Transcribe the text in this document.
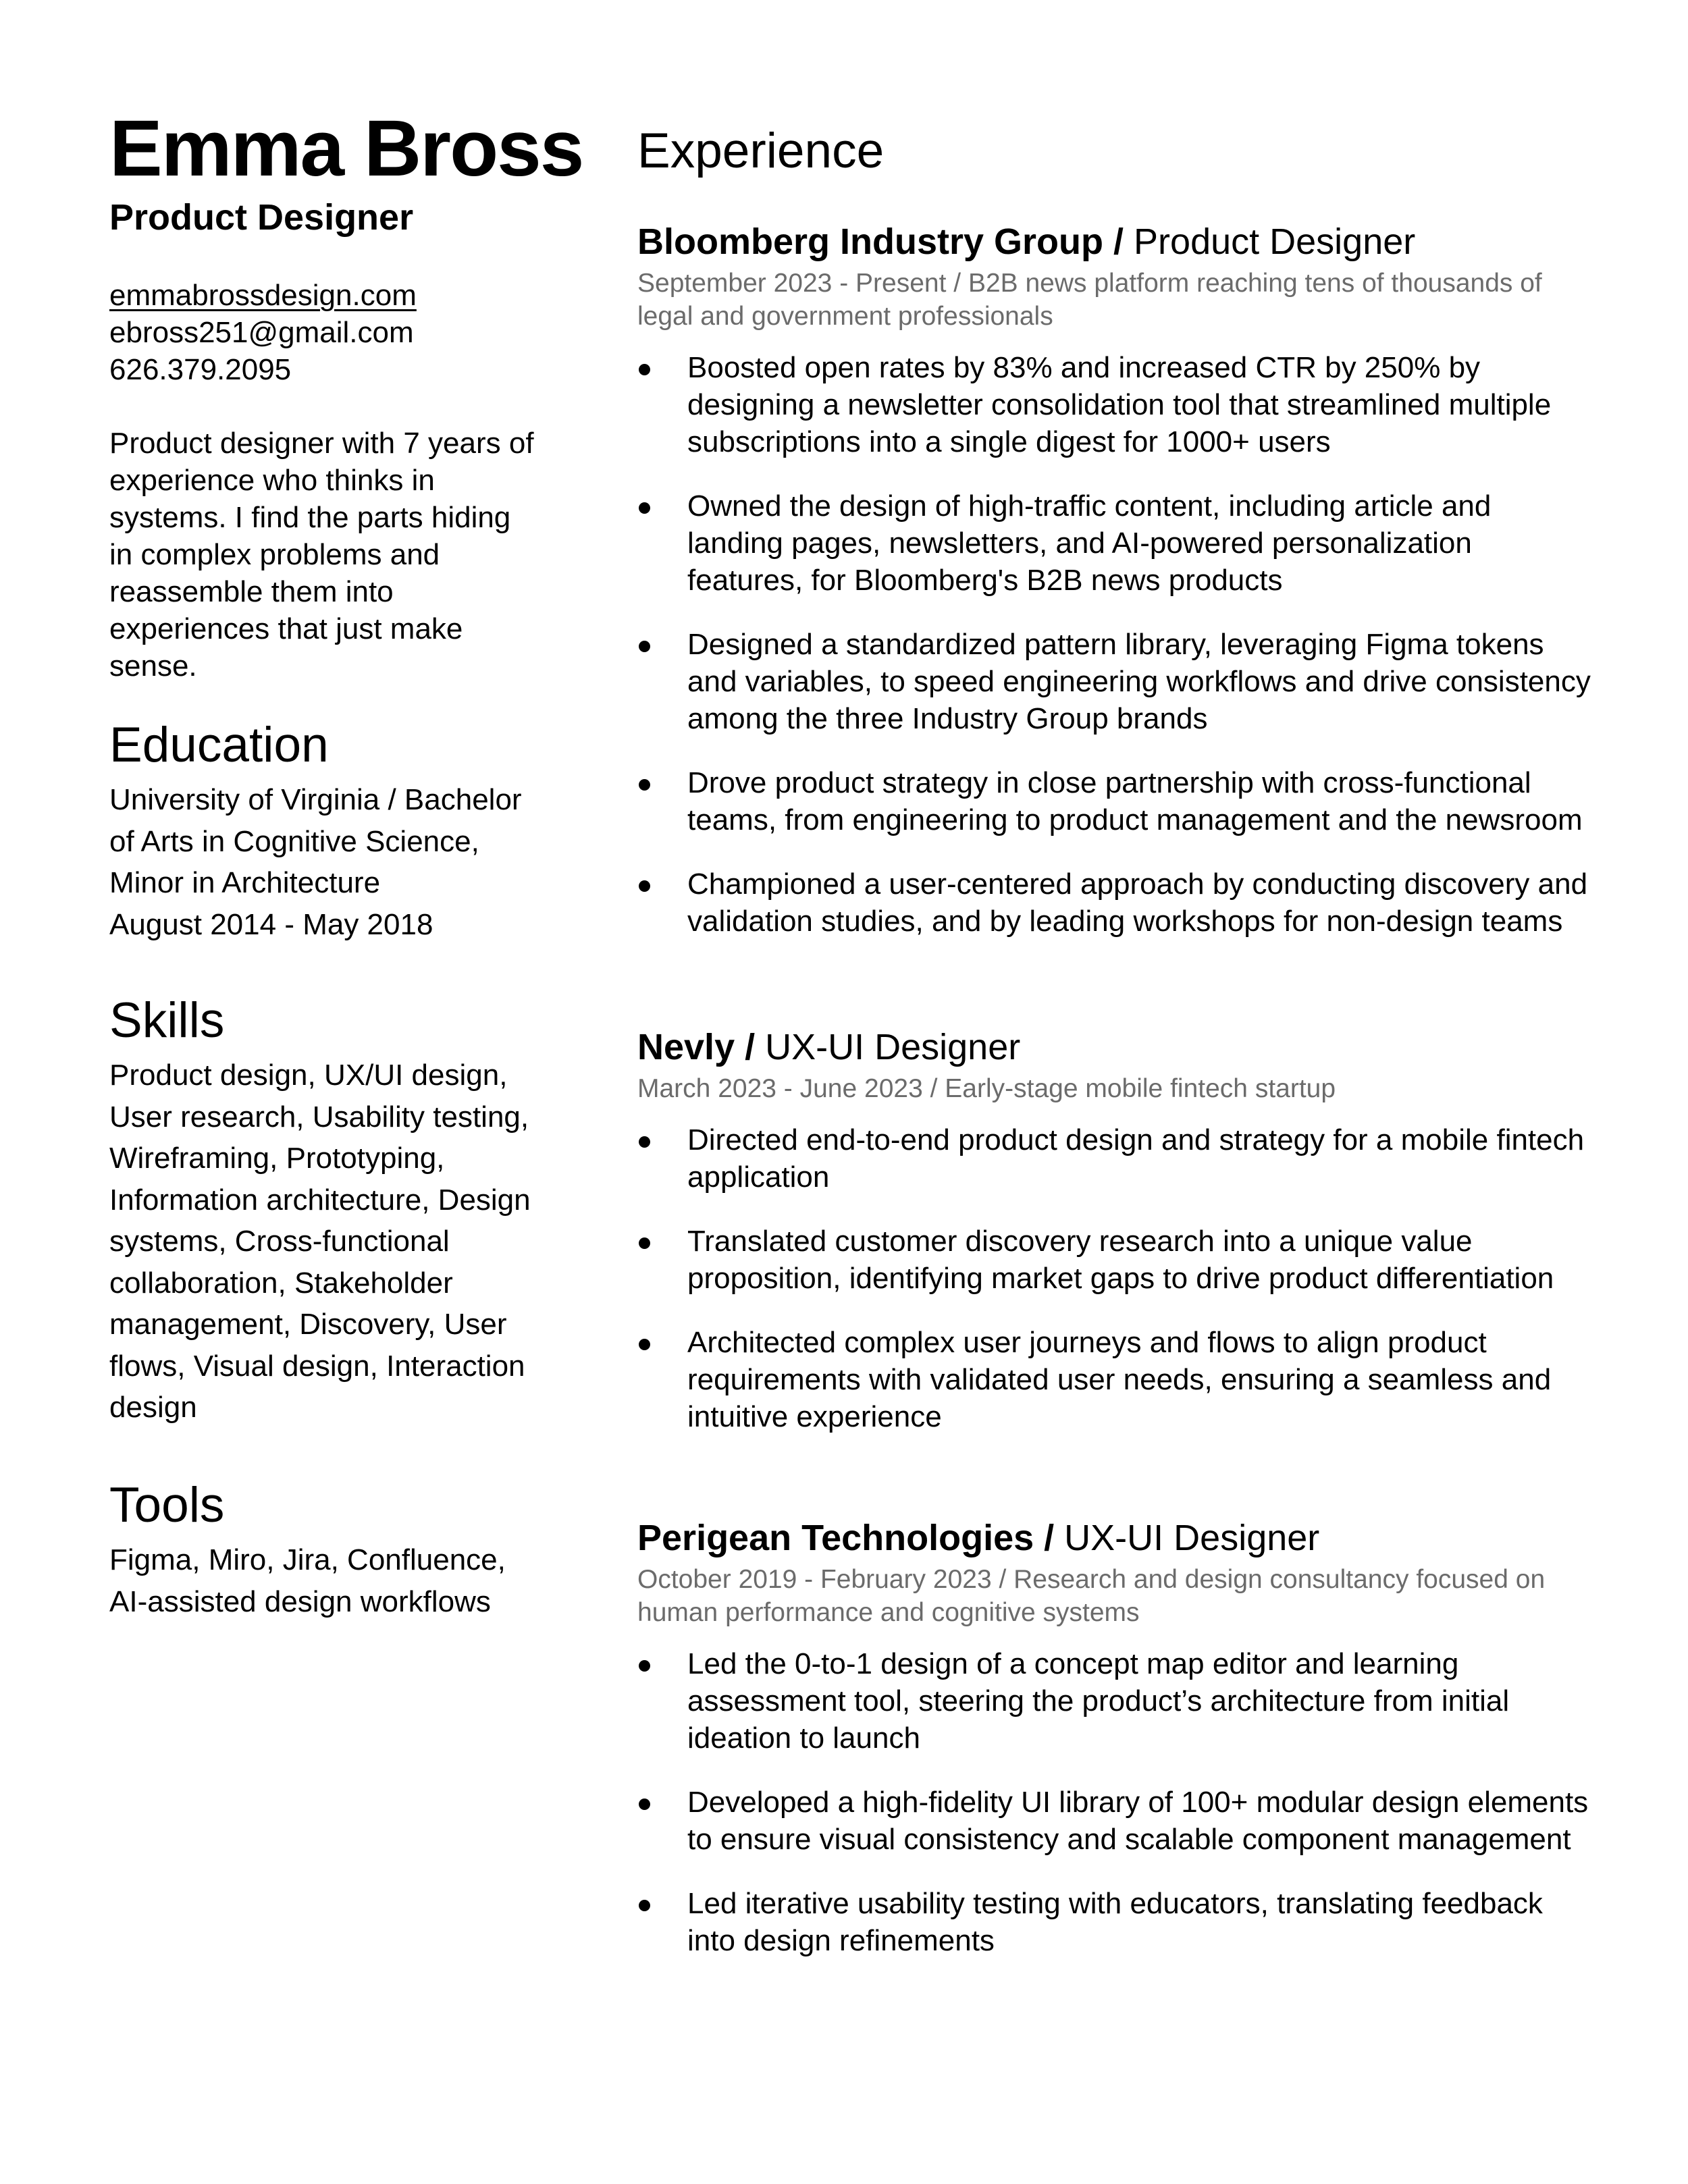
Emma Bross
Product Designer
emmabrossdesign.com
ebross251@gmail.com
626.379.2095
Product designer with 7 years of experience who thinks in systems. I find the parts hiding in complex problems and reassemble them into experiences that just make sense.
Education
University of Virginia / Bachelor
of Arts in Cognitive Science,
Minor in Architecture
August 2014 - May 2018
Skills
Product design, UX/UI design,
User research, Usability testing,
Wireframing, Prototyping,
Information architecture, Design
systems, Cross-functional
collaboration, Stakeholder
management, Discovery, User
flows, Visual design, Interaction
design
Tools
Figma, Miro, Jira, Confluence,
AI-assisted design workflows
Experience
Bloomberg Industry Group / Product Designer
September 2023 - Present / B2B news platform reaching tens of thousands of legal and government professionals
Boosted open rates by 83% and increased CTR by 250% by designing a newsletter consolidation tool that streamlined multiple subscriptions into a single digest for 1000+ users
Owned the design of high-traffic content, including article and landing pages, newsletters, and AI-powered personalization features, for Bloomberg's B2B news products
Designed a standardized pattern library, leveraging Figma tokens and variables, to speed engineering workflows and drive consistency among the three Industry Group brands
Drove product strategy in close partnership with cross-functional teams, from engineering to product management and the newsroom
Championed a user-centered approach by conducting discovery and validation studies, and by leading workshops for non-design teams
Nevly / UX-UI Designer
March 2023 - June 2023 / Early-stage mobile fintech startup
Directed end-to-end product design and strategy for a mobile fintech application
Translated customer discovery research into a unique value proposition, identifying market gaps to drive product differentiation
Architected complex user journeys and flows to align product requirements with validated user needs, ensuring a seamless and intuitive experience
Perigean Technologies / UX-UI Designer
October 2019 - February 2023 / Research and design consultancy focused on human performance and cognitive systems
Led the 0-to-1 design of a concept map editor and learning assessment tool, steering the product’s architecture from initial ideation to launch
Developed a high-fidelity UI library of 100+ modular design elements to ensure visual consistency and scalable component management
Led iterative usability testing with educators, translating feedback into design refinements
